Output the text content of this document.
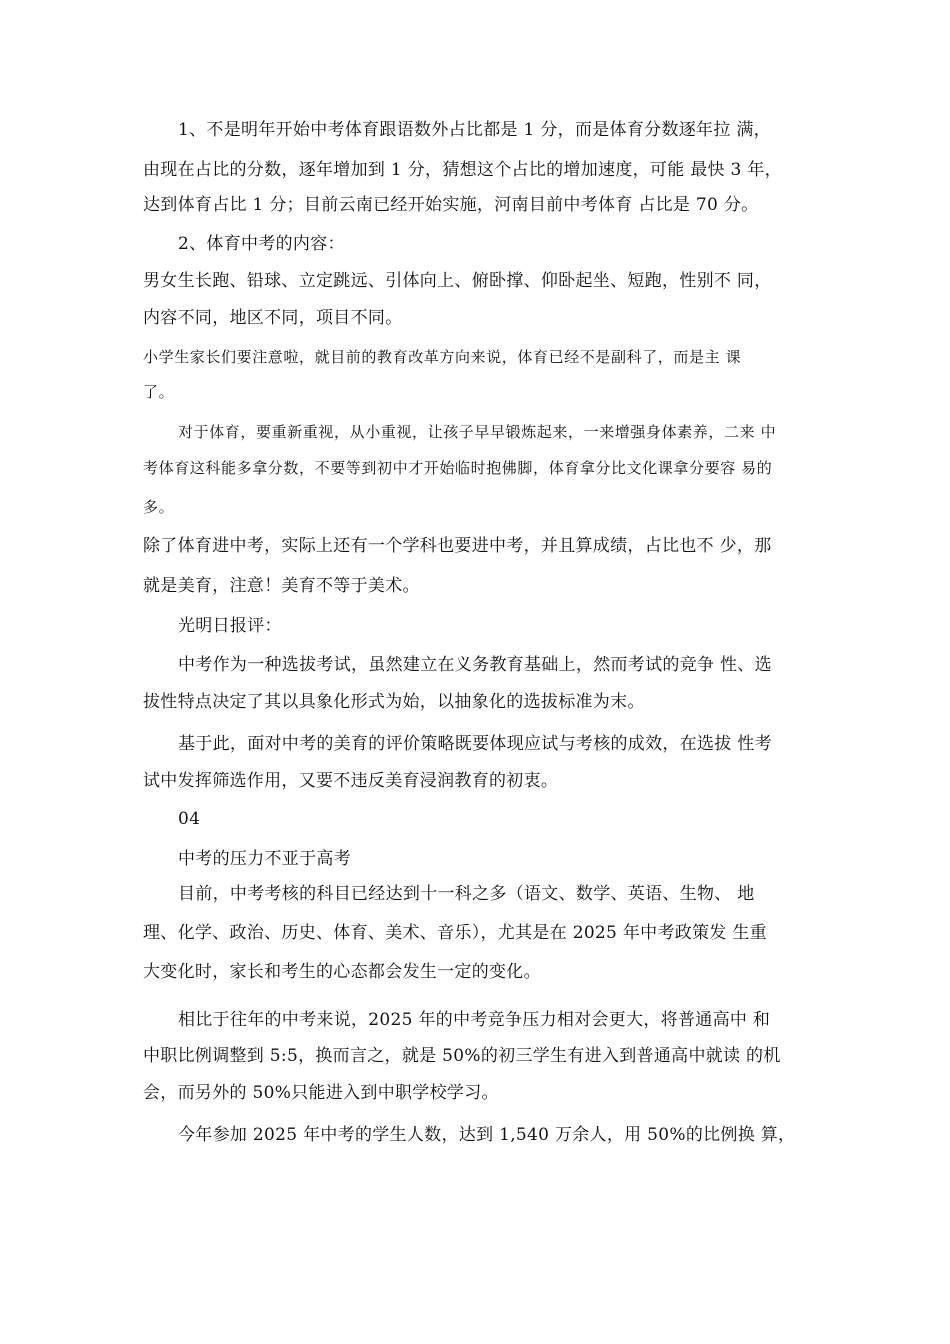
1、不是明年开始中考体育跟语数外占比都是 1 分，而是体育分数逐年拉 满，
由现在占比的分数，逐年增加到 1 分，猜想这个占比的增加速度，可能 最快 3 年，
达到体育占比 1 分；目前云南已经开始实施，河南目前中考体育 占比是 70 分。
2、体育中考的内容：
男女生长跑、铅球、立定跳远、引体向上、俯卧撑、仰卧起坐、短跑，性别不 同，
内容不同，地区不同，项目不同。
小学生家长们要注意啦，就目前的教育改革方向来说，体育已经不是副科了，而是主 课
了。
对于体育，要重新重视，从小重视，让孩子早早锻炼起来，一来增强身体素养，二来 中
考体育这科能多拿分数，不要等到初中才开始临时抱佛脚，体育拿分比文化课拿分要容 易的
多。
除了体育进中考，实际上还有一个学科也要进中考，并且算成绩，占比也不 少，那
就是美育，注意！美育不等于美术。
光明日报评：
中考作为一种选拔考试，虽然建立在义务教育基础上，然而考试的竞争 性、选
拔性特点决定了其以具象化形式为始，以抽象化的选拔标准为末。
基于此，面对中考的美育的评价策略既要体现应试与考核的成效，在选拔 性考
试中发挥筛选作用，又要不违反美育浸润教育的初衷。
04
中考的压力不亚于高考
目前，中考考核的科目已经达到十一科之多（语文、数学、英语、生物、 地
理、化学、政治、历史、体育、美术、音乐），尤其是在 2025 年中考政策发 生重
大变化时，家长和考生的心态都会发生一定的变化。
相比于往年的中考来说，2025 年的中考竞争压力相对会更大，将普通高中 和
中职比例调整到 5:5，换而言之，就是 50%的初三学生有进入到普通高中就读 的机
会，而另外的 50%只能进入到中职学校学习。
今年参加 2025 年中考的学生人数，达到 1,540 万余人，用 50%的比例换 算，
